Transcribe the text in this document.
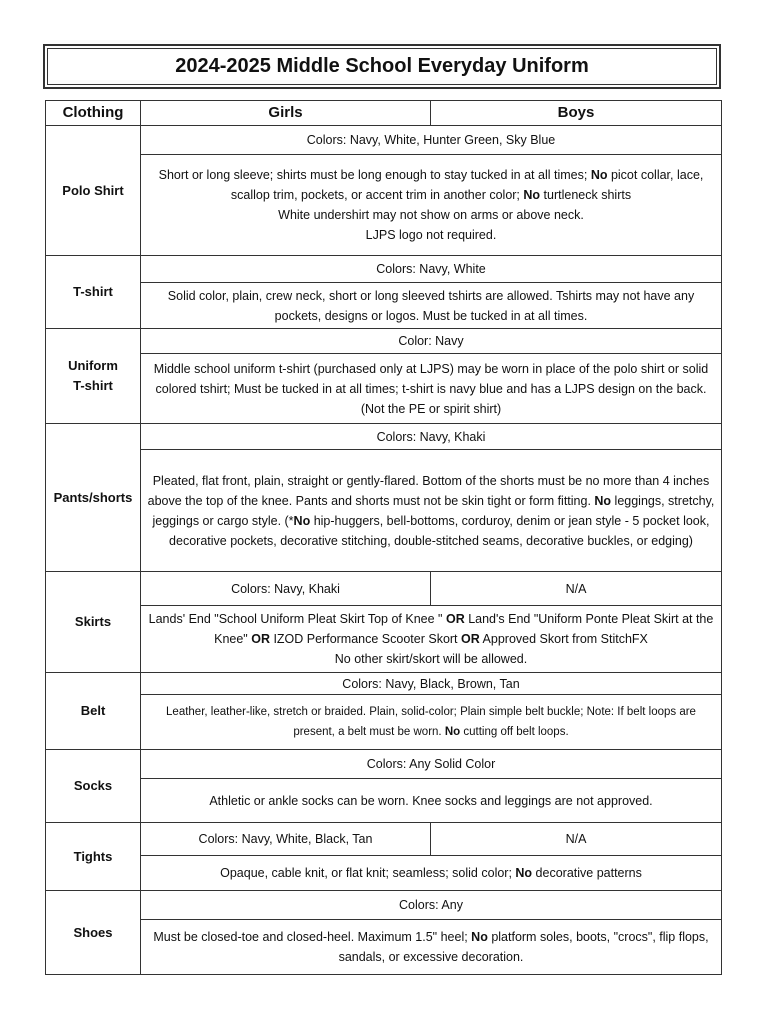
2024-2025 Middle School Everyday Uniform
Clothing	Girls	Boys
Polo Shirt	Colors: Navy, White, Hunter Green, Sky Blue	
	Short or long sleeve; shirts must be long enough to stay tucked in at all times; No picot collar, lace, scallop trim, pockets, or accent trim in another color; No turtleneck shirts
White undershirt may not show on arms or above neck.
LJPS logo not required.	
T-shirt	Colors: Navy, White	
	Solid color, plain, crew neck, short or long sleeved tshirts are allowed. Tshirts may not have any pockets, designs or logos. Must be tucked in at all times.	
Uniform
T-shirt	Color: Navy	
	Middle school uniform t-shirt (purchased only at LJPS) may be worn in place of the polo shirt or solid colored tshirt; Must be tucked in at all times; t-shirt is navy blue and has a LJPS design on the back. (Not the PE or spirit shirt)	
Pants/shorts	Colors: Navy, Khaki	
	Pleated, flat front, plain, straight or gently-flared. Bottom of the shorts must be no more than 4 inches above the top of the knee. Pants and shorts must not be skin tight or form fitting. No leggings, stretchy, jeggings or cargo style. (*No hip-huggers, bell-bottoms, corduroy, denim or jean style - 5 pocket look, decorative pockets, decorative stitching, double-stitched seams, decorative buckles, or edging)	
Skirts	Colors: Navy, Khaki	N/A
	Lands' End "School Uniform Pleat Skirt Top of Knee " OR Land's End "Uniform Ponte Pleat Skirt at the Knee" OR IZOD Performance Scooter Skort OR Approved Skort from StitchFX
No other skirt/skort will be allowed.	
Belt	Colors: Navy, Black, Brown, Tan	
	Leather, leather-like, stretch or braided. Plain, solid-color; Plain simple belt buckle; Note: If belt loops are present, a belt must be worn. No cutting off belt loops.	
Socks	Colors: Any Solid Color	
	Athletic or ankle socks can be worn. Knee socks and leggings are not approved.	
Tights	Colors: Navy, White, Black, Tan	N/A
	Opaque, cable knit, or flat knit; seamless; solid color; No decorative patterns	
Shoes	Colors: Any	
	Must be closed-toe and closed-heel. Maximum 1.5" heel; No platform soles, boots, "crocs", flip flops, sandals, or excessive decoration.	
